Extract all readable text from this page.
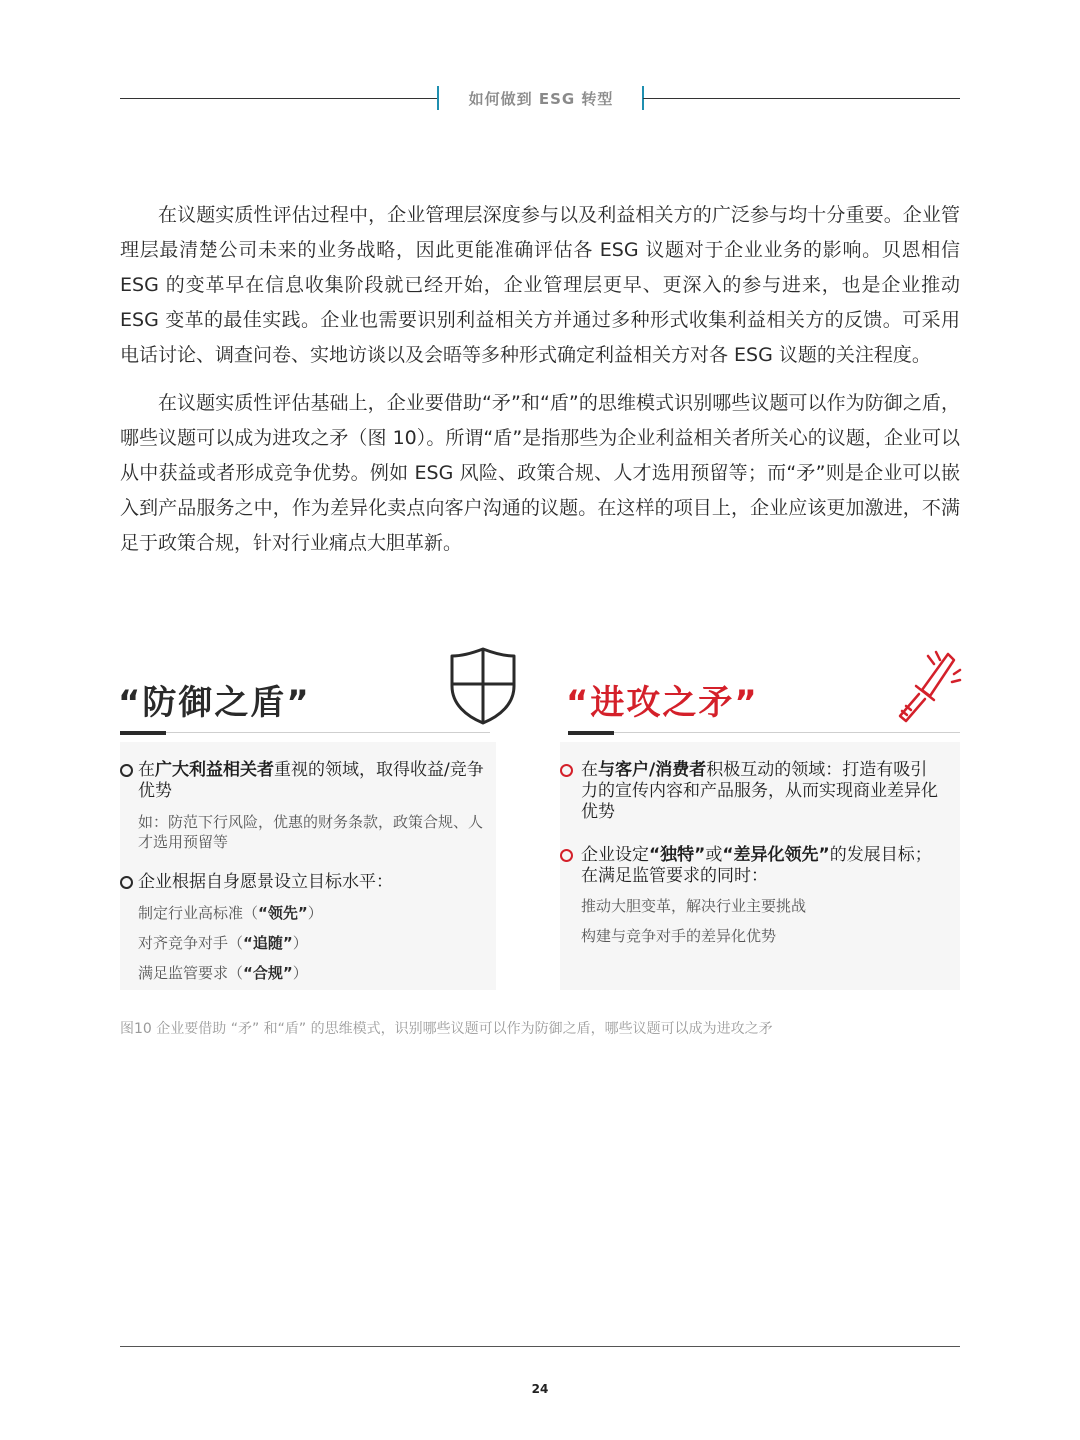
如何做到 ESG 转型
在议题实质性评估过程中，企业管理层深度参与以及利益相关方的广泛参与均十分重要。企业管理层最清楚公司未来的业务战略，因此更能准确评估各 ESG 议题对于企业业务的影响。贝恩相信 ESG 的变革早在信息收集阶段就已经开始，企业管理层更早、更深入的参与进来，也是企业推动 ESG 变革的最佳实践。企业也需要识别利益相关方并通过多种形式收集利益相关方的反馈。可采用电话讨论、调查问卷、实地访谈以及会晤等多种形式确定利益相关方对各 ESG 议题的关注程度。
在议题实质性评估基础上，企业要借助“矛”和“盾”的思维模式识别哪些议题可以作为防御之盾，哪些议题可以成为进攻之矛（图 10）。所谓“盾”是指那些为企业利益相关者所关心的议题，企业可以从中获益或者形成竞争优势。例如 ESG 风险、政策合规、人才选用预留等；而“矛”则是企业可以嵌入到产品服务之中，作为差异化卖点向客户沟通的议题。在这样的项目上，企业应该更加激进，不满足于政策合规，针对行业痛点大胆革新。
“防御之盾”
在广大利益相关者重视的领域，取得收益/竞争优势
如：防范下行风险，优惠的财务条款，政策合规、人才选用预留等
企业根据自身愿景设立目标水平：
制定行业高标准（“领先”）
对齐竞争对手（“追随”）
满足监管要求（“合规”）
“进攻之矛”
在与客户/消费者积极互动的领域：打造有吸引力的宣传内容和产品服务，从而实现商业差异化优势
企业设定“独特”或“差异化领先”的发展目标；在满足监管要求的同时：
推动大胆变革，解决行业主要挑战
构建与竞争对手的差异化优势
图10 企业要借助 “矛” 和“盾” 的思维模式，识别哪些议题可以作为防御之盾，哪些议题可以成为进攻之矛
24
